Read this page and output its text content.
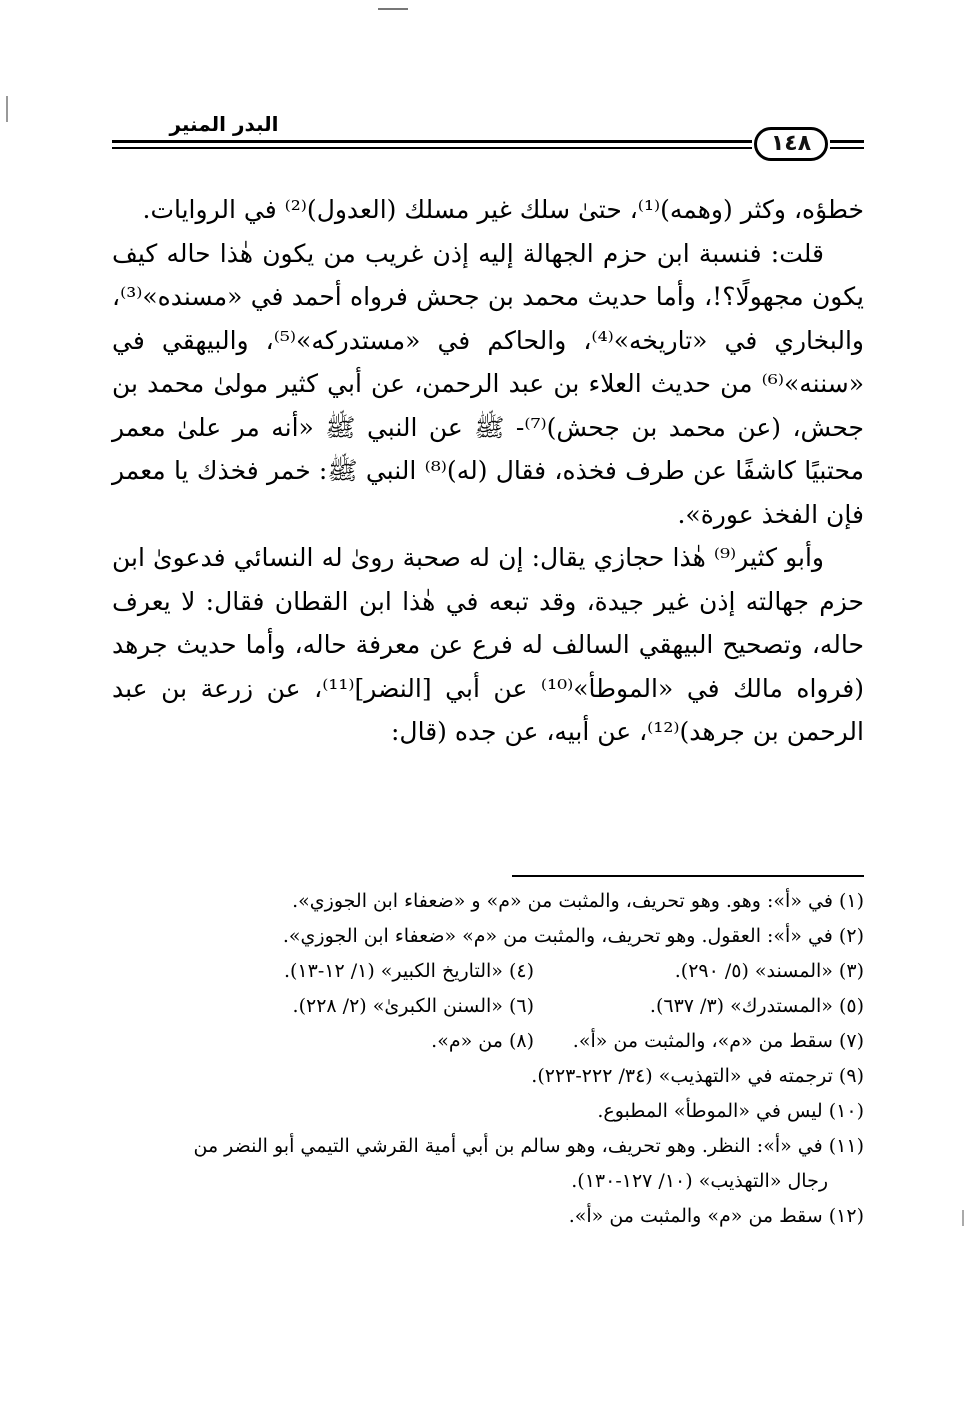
البدر المنير
١٤٨

خطؤه، وكثر (وهمه)⁽¹⁾، حتىٰ سلك غير مسلك (العدول)⁽²⁾ في الروايات.

قلت: فنسبة ابن حزم الجهالة إليه إذن غريب من يكون هٰذا حاله كيف يكون مجهولًا؟!، وأما حديث محمد بن جحش فرواه أحمد في «مسنده»⁽³⁾، والبخاري في «تاريخه»⁽⁴⁾، والحاكم في «مستدركه»⁽⁵⁾، والبيهقي في «سننه»⁽⁶⁾ من حديث العلاء بن عبد الرحمن، عن أبي كثير مولىٰ محمد بن جحش، (عن محمد بن جحش)⁽⁷⁾- ﷺ عن النبي ﷺ «أنه مر علىٰ معمر محتبيًا كاشفًا عن طرف فخذه، فقال (له)⁽⁸⁾ النبي ﷺ: خمر فخذك يا معمر فإن الفخذ عورة».

وأبو كثير⁽⁹⁾ هٰذا حجازي يقال: إن له صحبة روىٰ له النسائي فدعوىٰ ابن حزم جهالته إذن غير جيدة، وقد تبعه في هٰذا ابن القطان فقال: لا يعرف حاله، وتصحيح البيهقي السالف له فرع عن معرفة حاله، وأما حديث جرهد (فرواه مالك في «الموطأ»⁽¹⁰⁾ عن أبي [النضر]⁽¹¹⁾، عن زرعة بن عبد الرحمن بن جرهد)⁽¹²⁾، عن أبيه، عن جده (قال:

(١) في «أ»: وهو. وهو تحريف، والمثبت من «م» و «ضعفاء ابن الجوزي».
(٢) في «أ»: العقول. وهو تحريف، والمثبت من «م» «ضعفاء ابن الجوزي».
(٣) «المسند» (٥/ ٢٩٠).
(٤) «التاريخ الكبير» (١/ ١٢-١٣).
(٥) «المستدرك» (٣/ ٦٣٧).
(٦) «السنن الكبرىٰ» (٢/ ٢٢٨).
(٧) سقط من «م»، والمثبت من «أ».
(٨) من «م».
(٩) ترجمته في «التهذيب» (٣٤/ ٢٢٢-٢٢٣).
(١٠) ليس في «الموطأ» المطبوع.
(١١) في «أ»: النظر. وهو تحريف، وهو سالم بن أبي أمية القرشي التيمي أبو النضر من
رجال «التهذيب» (١٠/ ١٢٧-١٣٠).
(١٢) سقط من «م» والمثبت من «أ».
